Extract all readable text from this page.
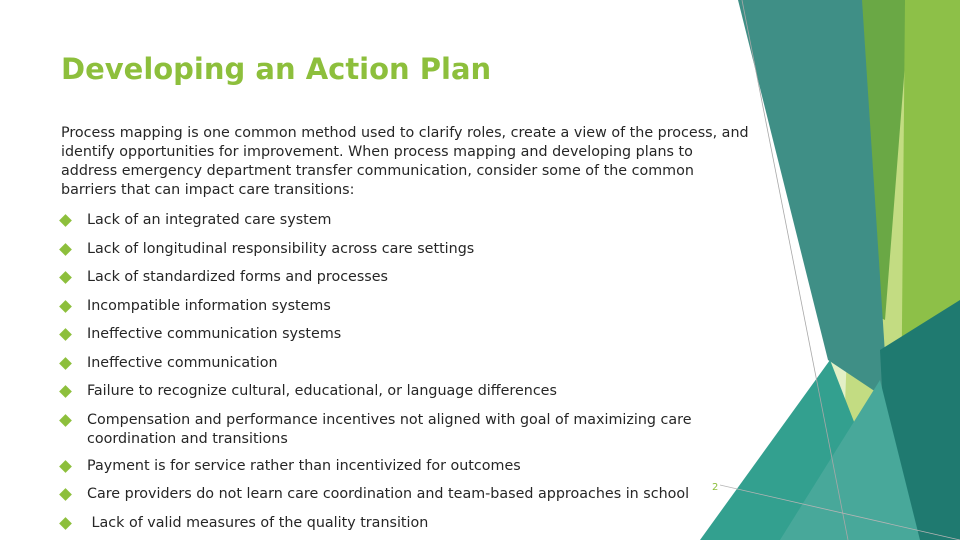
Developing an Action Plan

Process mapping is one common method used to clarify roles, create a view of the process, and identify opportunities for improvement. When process mapping and developing plans to address emergency department transfer communication, consider some of the common barriers that can impact care transitions:

Lack of an integrated care system
Lack of longitudinal responsibility across care settings
Lack of standardized forms and processes
Incompatible information systems
Ineffective communication systems
Ineffective communication
Failure to recognize cultural, educational, or language differences
Compensation and performance incentives not aligned with goal of maximizing care coordination and transitions
Payment is for service rather than incentivized for outcomes
Care providers do not learn care coordination and team-based approaches in school
Lack of valid measures of the quality transition
2
